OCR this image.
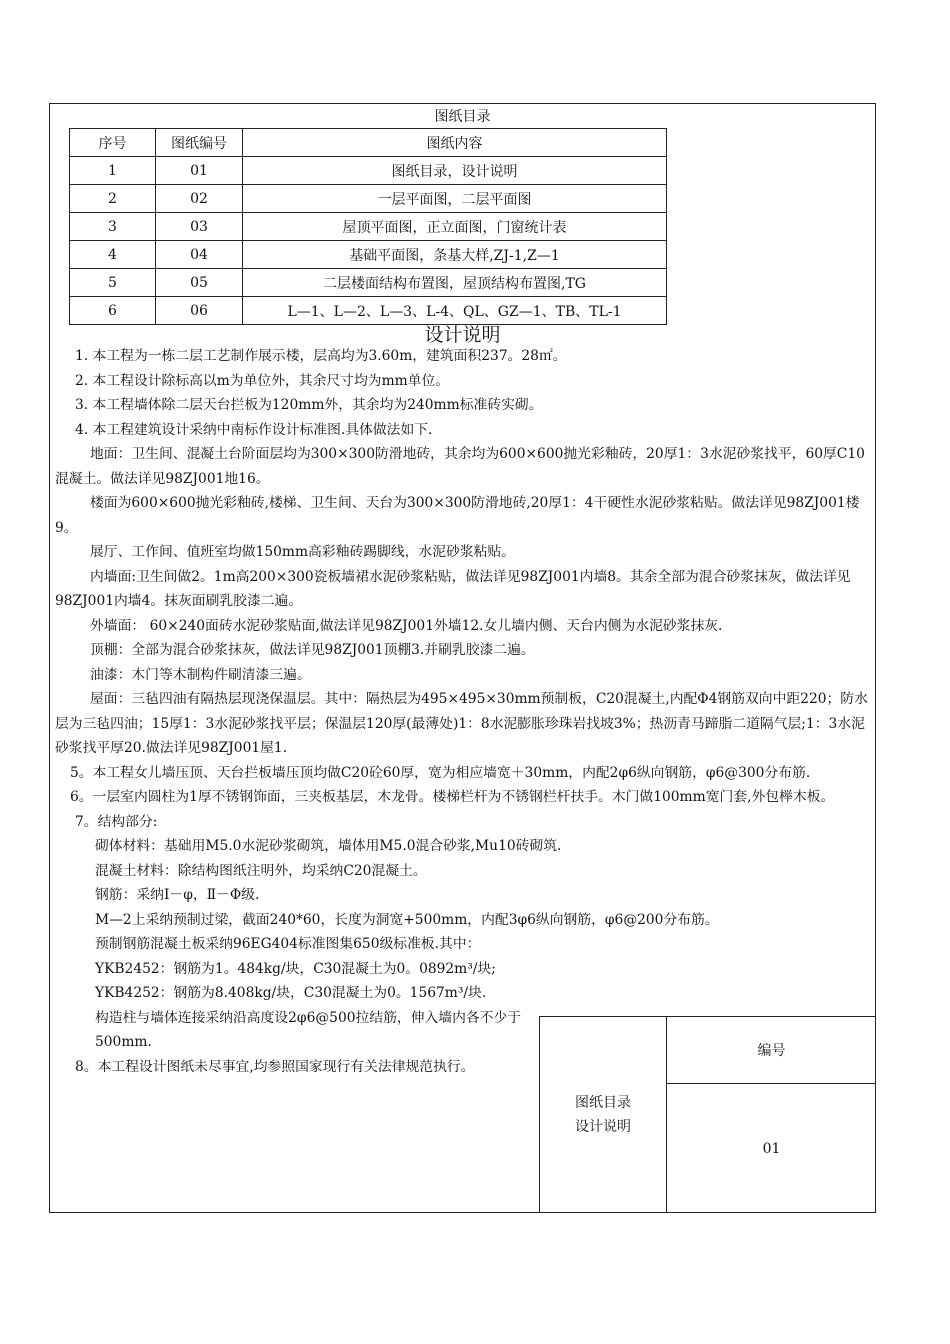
图纸目录
序号	图纸编号	图纸内容
1	01	图纸目录，设计说明
2	02	一层平面图，二层平面图
3	03	屋顶平面图，正立面图，门窗统计表
4	04	基础平面图，条基大样,ZJ-1,Z—1
5	05	二层楼面结构布置图，屋顶结构布置图,TG
6	06	L—1、L—2、L—3、L-4、QL、GZ—1、TB、TL-1
设计说明

1. 本工程为一栋二层工艺制作展示楼，层高均为3.60m，建筑面积237。28㎡。

2. 本工程设计除标高以m为单位外，其余尺寸均为mm单位。

3. 本工程墙体除二层天台拦板为120mm外，其余均为240mm标准砖实砌。

4. 本工程建筑设计采纳中南标作设计标准图.具体做法如下.

地面：卫生间、混凝土台阶面层均为300×300防滑地砖，其余均为600×600抛光彩釉砖，20厚1：3水泥砂浆找平，60厚C10混凝土。做法详见98ZJ001地16。

楼面为600×600抛光彩釉砖,楼梯、卫生间、天台为300×300防滑地砖,20厚1：4干硬性水泥砂浆粘贴。做法详见98ZJ001楼9。

展厅、工作间、值班室均做150mm高彩釉砖踢脚线，水泥砂浆粘贴。

内墙面:卫生间做2。1m高200×300瓷板墙裙水泥砂浆粘贴，做法详见98ZJ001内墙8。其余全部为混合砂浆抹灰，做法详见98ZJ001内墙4。抹灰面刷乳胶漆二遍。

外墙面： 60×240面砖水泥砂浆贴面,做法详见98ZJ001外墙12.女儿墙内侧、天台内侧为水泥砂浆抹灰.

顶棚：全部为混合砂浆抹灰，做法详见98ZJ001顶棚3.并刷乳胶漆二遍。

油漆：木门等木制构件刷清漆三遍。

屋面：三毡四油有隔热层现浇保温层。其中：隔热层为495×495×30mm预制板，C20混凝土,内配Φ4钢筋双向中距220；防水层为三毡四油；15厚1：3水泥砂浆找平层；保温层120厚(最薄处)1：8水泥膨胀珍珠岩找坡3%；热沥青马蹄脂二道隔气层;1：3水泥砂浆找平厚20.做法详见98ZJ001屋1.

5。本工程女儿墙压顶、天台拦板墙压顶均做C20砼60厚，宽为相应墙宽＋30mm，内配2φ6纵向钢筋，φ6@300分布筋.

6。一层室内圆柱为1厚不锈钢饰面，三夹板基层，木龙骨。楼梯栏杆为不锈钢栏杆扶手。木门做100mm宽门套,外包榉木板。

7。结构部分:

砌体材料：基础用M5.0水泥砂浆砌筑，墙体用M5.0混合砂浆,Mu10砖砌筑.

混凝土材料：除结构图纸注明外，均采纳C20混凝土。

钢筋：采纳Ⅰ－φ，Ⅱ－Φ级.

M—2上采纳预制过梁，截面240*60，长度为洞宽+500mm，内配3φ6纵向钢筋，φ6@200分布筋。

预制钢筋混凝土板采纳96EG404标准图集650级标准板.其中：

YKB2452：钢筋为1。484kg/块，C30混凝土为0。0892m³/块;

YKB4252：钢筋为8.408kg/块，C30混凝土为0。1567m³/块.

构造柱与墙体连接采纳沿高度设2φ6@500拉结筋，伸入墙内各不少于500mm.

8。本工程设计图纸未尽事宜,均参照国家现行有关法律规范执行。

图纸目录
设计说明
编号
01
